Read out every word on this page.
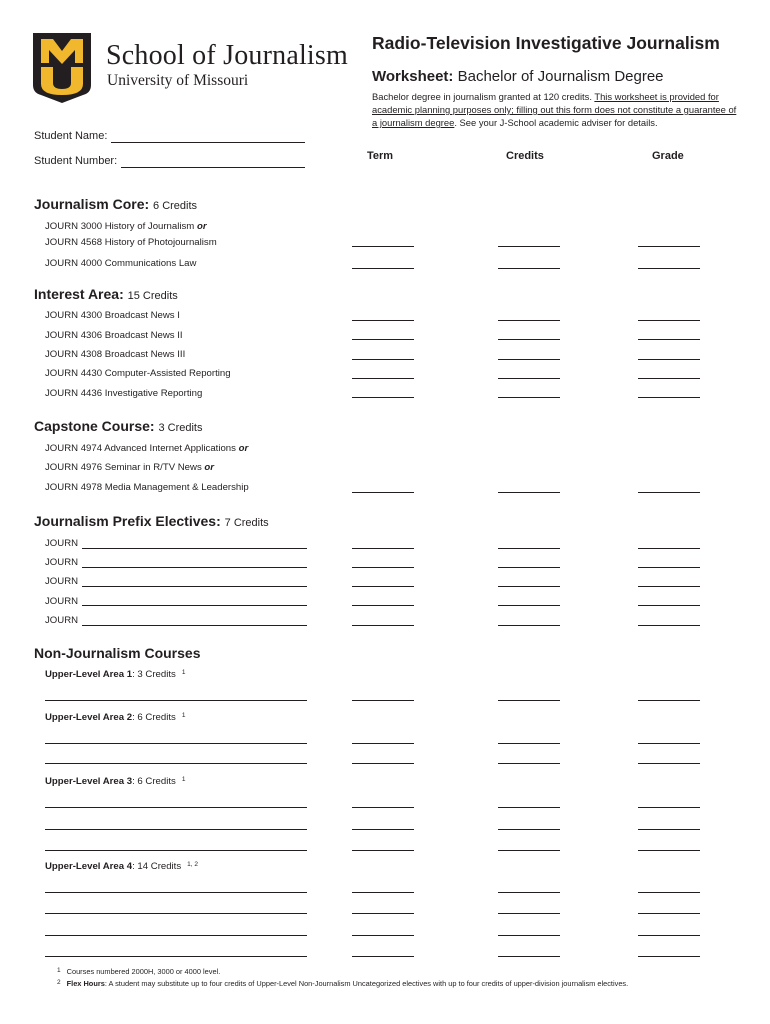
School of Journalism
University of Missouri
Radio-Television Investigative Journalism
Worksheet: Bachelor of Journalism Degree
Bachelor degree in journalism granted at 120 credits. This worksheet is provided for academic planning purposes only; filling out this form does not constitute a guarantee of a journalism degree. See your J-School academic adviser for details.
Student Name:
Student Number:	Term	Credits	Grade
Journalism Core: 6 Credits
JOURN 3000 History of Journalism or
JOURN 4568 History of Photojournalism
JOURN 4000 Communications Law
Interest Area: 15 Credits
JOURN 4300 Broadcast News I
JOURN 4306 Broadcast News II
JOURN 4308 Broadcast News III
JOURN 4430 Computer-Assisted Reporting
JOURN 4436 Investigative Reporting
Capstone Course: 3 Credits
JOURN 4974 Advanced Internet Applications or
JOURN 4976 Seminar in R/TV News or
JOURN 4978 Media Management & Leadership
Journalism Prefix Electives: 7 Credits
JOURN
JOURN
JOURN
JOURN
JOURN
Non-Journalism Courses
Upper-Level Area 1: 3 Credits $^1$
Upper-Level Area 2: 6 Credits $^1$
Upper-Level Area 3: 6 Credits $^1$
Upper-Level Area 4: 14 Credits $^{1, 2}$
1 Courses numbered 2000H, 3000 or 4000 level.
2 Flex Hours: A student may substitute up to four credits of Upper-Level Non-Journalism Uncategorized electives with up to four credits of upper-division journalism electives.
